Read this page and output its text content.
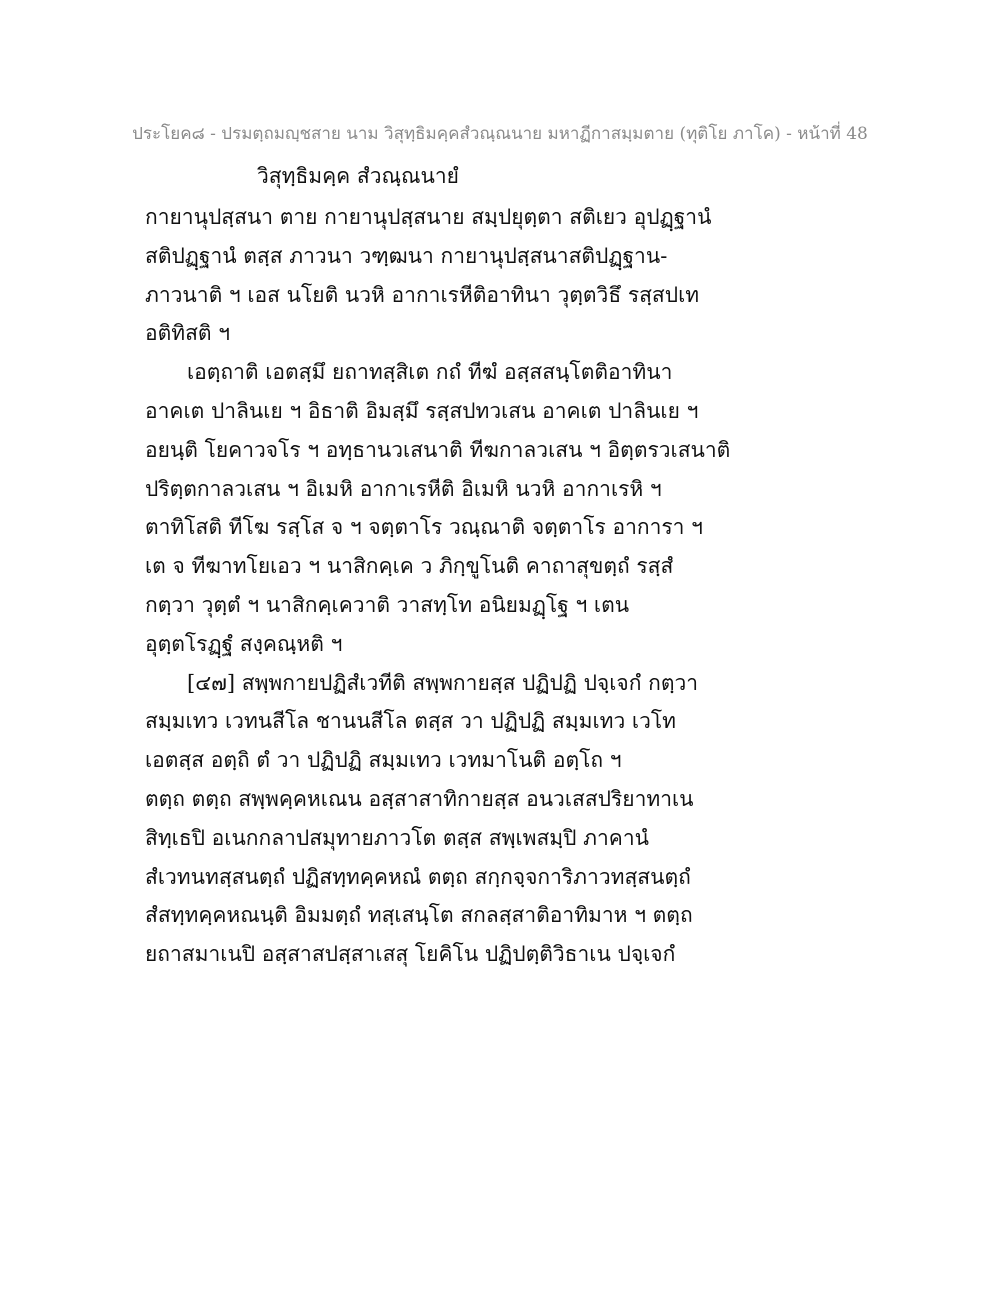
ประโยค๘ - ปรมตฺถมญฺชสาย นาม วิสุทฺธิมคฺคสํวณฺณนาย มหาฏีกาสมฺมตาย (ทุติโย ภาโค) - หน้าที่ 48
วิสุทฺธิมคฺค สํวณฺณนายํ
กายานุปสฺสนา ตาย กายานุปสฺสนาย สมฺปยุตฺตา สติเยว อุปฏฺฐานํ
สติปฏฺฐานํ ตสฺส ภาวนา วฑฺฒนา กายานุปสฺสนาสติปฏฺฐาน-
ภาวนาติ ฯ เอส นโยติ นวหิ อากาเรหีติอาทินา วุตฺตวิธึ รสฺสปเท
อติทิสติ ฯ
เอตฺถาติ เอตสฺมึ ยถาทสฺสิเต กถํ ทีฆํ อสฺสสนฺโตติอาทินา
อาคเต ปาลินเย ฯ อิธาติ อิมสฺมึ รสฺสปทวเสน อาคเต ปาลินเย ฯ
อยนฺติ โยคาวจโร ฯ อทฺธานวเสนาติ ทีฆกาลวเสน ฯ อิตฺตรวเสนาติ
ปริตฺตกาลวเสน ฯ อิเมหิ อากาเรหีติ อิเมหิ นวหิ อากาเรหิ ฯ
ตาทิโสติ ทีโฆ รสฺโส จ ฯ จตฺตาโร วณฺณาติ จตฺตาโร อาการา ฯ
เต จ ทีฆาทโยเอว ฯ นาสิกคฺเค ว ภิกฺขูโนติ คาถาสุขตฺถํ รสฺสํ
กตฺวา วุตฺตํ ฯ นาสิกคฺเควาติ วาสทฺโท อนิยมฏฺโฐ ฯ เตน
อุตฺตโรฏฺฐํ สงฺคณฺหติ ฯ
[๔๗] สพฺพกายปฏิสํเวทีติ สพฺพกายสฺส ปฏิปฏิ ปจฺเจกํ กตฺวา
สมฺมเทว เวทนสีโล ชานนสีโล ตสฺส วา ปฏิปฏิ สมฺมเทว เวโท
เอตสฺส อตฺถิ ตํ วา ปฏิปฏิ สมฺมเทว เวทมาโนติ อตฺโถ ฯ
ตตฺถ ตตฺถ สพฺพคฺคหเณน อสฺสาสาทิกายสฺส อนวเสสปริยาทาเน
สิทฺเธปิ อเนกกลาปสมุทายภาวโต ตสฺส สพฺเพสมฺปิ ภาคานํ
สํเวทนทสฺสนตฺถํ ปฏิสทฺทคฺคหณํ ตตฺถ สกฺกจฺจการิภาวทสฺสนตฺถํ
สํสทฺทคฺคหณนฺติ อิมมตฺถํ ทสฺเสนฺโต สกลสฺสาติอาทิมาห ฯ ตตฺถ
ยถาสมาเนปิ อสฺสาสปสฺสาเสสุ โยคิโน ปฏิปตฺติวิธาเน ปจฺเจกํ
